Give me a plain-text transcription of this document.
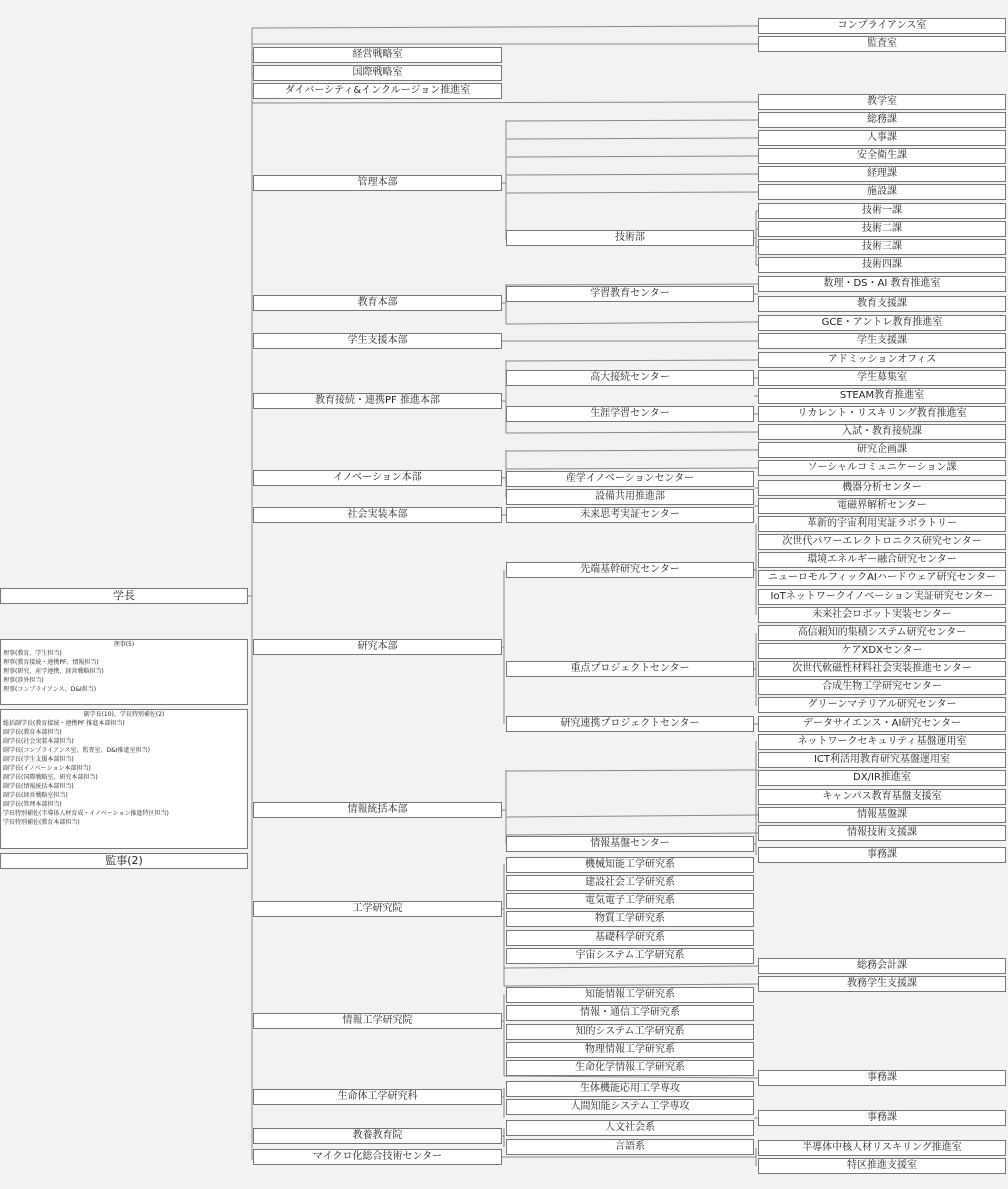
学長
理事(5)
理事(教育、学生担当)
理事(教育接続・連携PF、情報担当)
理事(研究、産学連携、経営戦略担当)
理事(渉外担当)
理事(コンプライアンス、D&I担当)
副学長(10)、学長特別補佐(2)
総括副学長(教育接続・連携PF 推進本部担当)
副学長(教育本部担当)
副学長(社会実装本部担当)
副学長(コンプライアンス室、監査室、D&I推進室担当)
副学長(学生支援本部担当)
副学長(イノベーション本部担当)
副学長(国際戦略室、研究本部担当)
副学長(情報統括本部担当)
副学長(経営戦略室担当)
副学長(管理本部担当)
学長特別補佐(半導体人材育成・イノベーション推進特区担当)
学長特別補佐(教育本部担当)
監事(2)
経営戦略室
国際戦略室
ダイバーシティ&インクルージョン推進室
管理本部
教育本部
学生支援本部
教育接続・連携PF 推進本部
イノベーション本部
社会実装本部
研究本部
情報統括本部
工学研究院
情報工学研究院
生命体工学研究科
教養教育院
マイクロ化総合技術センター
技術部
学習教育センター
高大接続センター
生涯学習センター
産学イノベーションセンター
設備共用推進部
未来思考実証センター
先端基幹研究センター
重点プロジェクトセンター
研究連携プロジェクトセンター
情報基盤センター
機械知能工学研究系
建設社会工学研究系
電気電子工学研究系
物質工学研究系
基礎科学研究系
宇宙システム工学研究系
知能情報工学研究系
情報・通信工学研究系
知的システム工学研究系
物理情報工学研究系
生命化学情報工学研究系
生体機能応用工学専攻
人間知能システム工学専攻
人文社会系
言語系
コンプライアンス室
監査室
教学室
総務課
人事課
安全衛生課
経理課
施設課
技術一課
技術二課
技術三課
技術四課
数理・DS・AI 教育推進室
教育支援課
GCE・アントレ教育推進室
学生支援課
アドミッションオフィス
学生募集室
STEAM教育推進室
リカレント・リスキリング教育推進室
入試・教育接続課
研究企画課
ソーシャルコミュニケーション課
機器分析センター
電磁界解析センター
革新的宇宙利用実証ラボラトリー
次世代パワーエレクトロニクス研究センター
環境エネルギー融合研究センター
ニューロモルフィックAIハードウェア研究センター
IoTネットワークイノベーション実証研究センター
未来社会ロボット実装センター
高信頼知的集積システム研究センター
ケアXDXセンター
次世代軟磁性材料社会実装推進センター
合成生物工学研究センター
グリーンマテリアル研究センター
データサイエンス・AI研究センター
ネットワークセキュリティ基盤運用室
ICT利活用教育研究基盤運用室
DX/IR推進室
キャンパス教育基盤支援室
情報基盤課
情報技術支援課
事務課
総務会計課
教務学生支援課
事務課
事務課
半導体中核人材リスキリング推進室
特区推進支援室
